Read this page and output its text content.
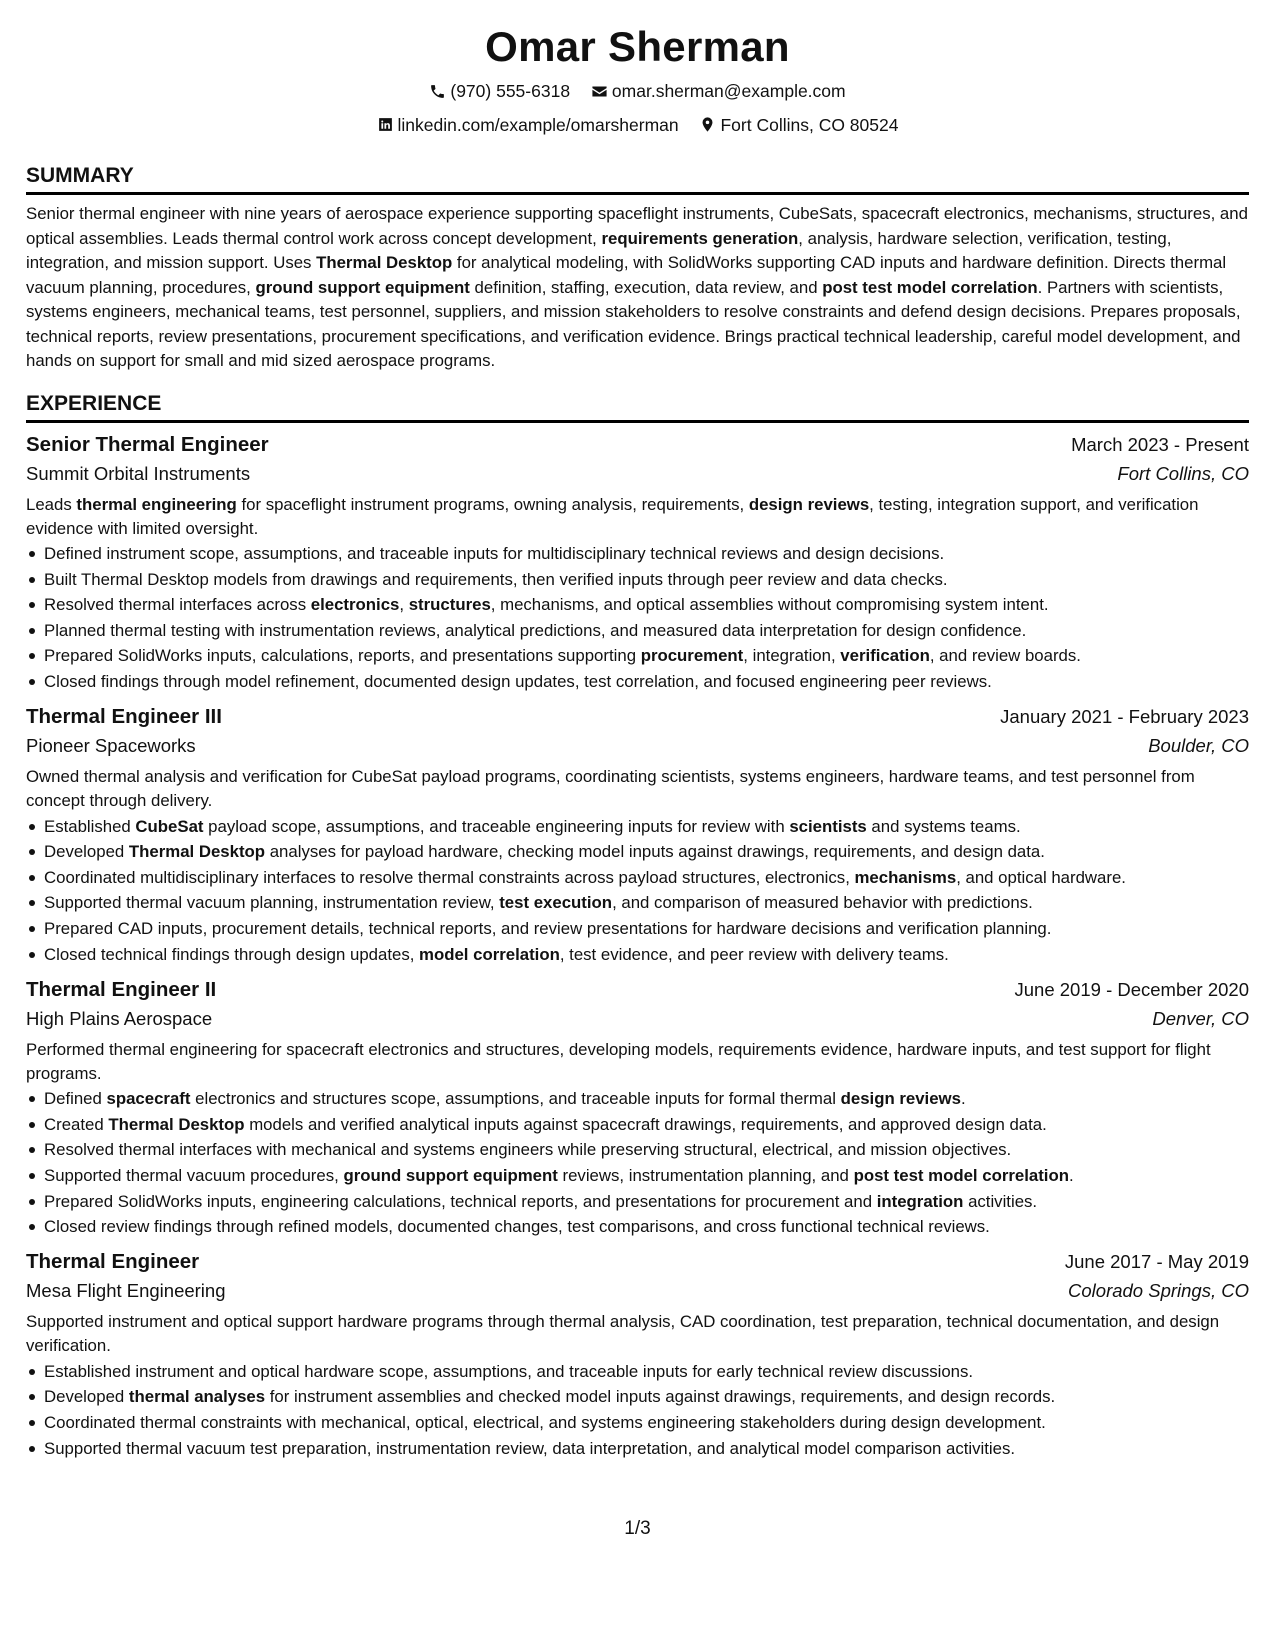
Omar Sherman
(970) 555-6318
omar.sherman@example.com
linkedin.com/example/omarsherman
Fort Collins, CO 80524
SUMMARY
Senior thermal engineer with nine years of aerospace experience supporting spaceflight instruments, CubeSats, spacecraft electronics, mechanisms, structures, and optical assemblies. Leads thermal control work across concept development, requirements generation, analysis, hardware selection, verification, testing, integration, and mission support. Uses Thermal Desktop for analytical modeling, with SolidWorks supporting CAD inputs and hardware definition. Directs thermal vacuum planning, procedures, ground support equipment definition, staffing, execution, data review, and post test model correlation. Partners with scientists, systems engineers, mechanical teams, test personnel, suppliers, and mission stakeholders to resolve constraints and defend design decisions. Prepares proposals, technical reports, review presentations, procurement specifications, and verification evidence. Brings practical technical leadership, careful model development, and hands on support for small and mid sized aerospace programs.
EXPERIENCE
Senior Thermal Engineer	March 2023 - Present
Summit Orbital Instruments	Fort Collins, CO
Leads thermal engineering for spaceflight instrument programs, owning analysis, requirements, design reviews, testing, integration support, and verification evidence with limited oversight.
Defined instrument scope, assumptions, and traceable inputs for multidisciplinary technical reviews and design decisions.
Built Thermal Desktop models from drawings and requirements, then verified inputs through peer review and data checks.
Resolved thermal interfaces across electronics, structures, mechanisms, and optical assemblies without compromising system intent.
Planned thermal testing with instrumentation reviews, analytical predictions, and measured data interpretation for design confidence.
Prepared SolidWorks inputs, calculations, reports, and presentations supporting procurement, integration, verification, and review boards.
Closed findings through model refinement, documented design updates, test correlation, and focused engineering peer reviews.
Thermal Engineer III	January 2021 - February 2023
Pioneer Spaceworks	Boulder, CO
Owned thermal analysis and verification for CubeSat payload programs, coordinating scientists, systems engineers, hardware teams, and test personnel from concept through delivery.
Established CubeSat payload scope, assumptions, and traceable engineering inputs for review with scientists and systems teams.
Developed Thermal Desktop analyses for payload hardware, checking model inputs against drawings, requirements, and design data.
Coordinated multidisciplinary interfaces to resolve thermal constraints across payload structures, electronics, mechanisms, and optical hardware.
Supported thermal vacuum planning, instrumentation review, test execution, and comparison of measured behavior with predictions.
Prepared CAD inputs, procurement details, technical reports, and review presentations for hardware decisions and verification planning.
Closed technical findings through design updates, model correlation, test evidence, and peer review with delivery teams.
Thermal Engineer II	June 2019 - December 2020
High Plains Aerospace	Denver, CO
Performed thermal engineering for spacecraft electronics and structures, developing models, requirements evidence, hardware inputs, and test support for flight programs.
Defined spacecraft electronics and structures scope, assumptions, and traceable inputs for formal thermal design reviews.
Created Thermal Desktop models and verified analytical inputs against spacecraft drawings, requirements, and approved design data.
Resolved thermal interfaces with mechanical and systems engineers while preserving structural, electrical, and mission objectives.
Supported thermal vacuum procedures, ground support equipment reviews, instrumentation planning, and post test model correlation.
Prepared SolidWorks inputs, engineering calculations, technical reports, and presentations for procurement and integration activities.
Closed review findings through refined models, documented changes, test comparisons, and cross functional technical reviews.
Thermal Engineer	June 2017 - May 2019
Mesa Flight Engineering	Colorado Springs, CO
Supported instrument and optical support hardware programs through thermal analysis, CAD coordination, test preparation, technical documentation, and design verification.
Established instrument and optical hardware scope, assumptions, and traceable inputs for early technical review discussions.
Developed thermal analyses for instrument assemblies and checked model inputs against drawings, requirements, and design records.
Coordinated thermal constraints with mechanical, optical, electrical, and systems engineering stakeholders during design development.
Supported thermal vacuum test preparation, instrumentation review, data interpretation, and analytical model comparison activities.
1/3
